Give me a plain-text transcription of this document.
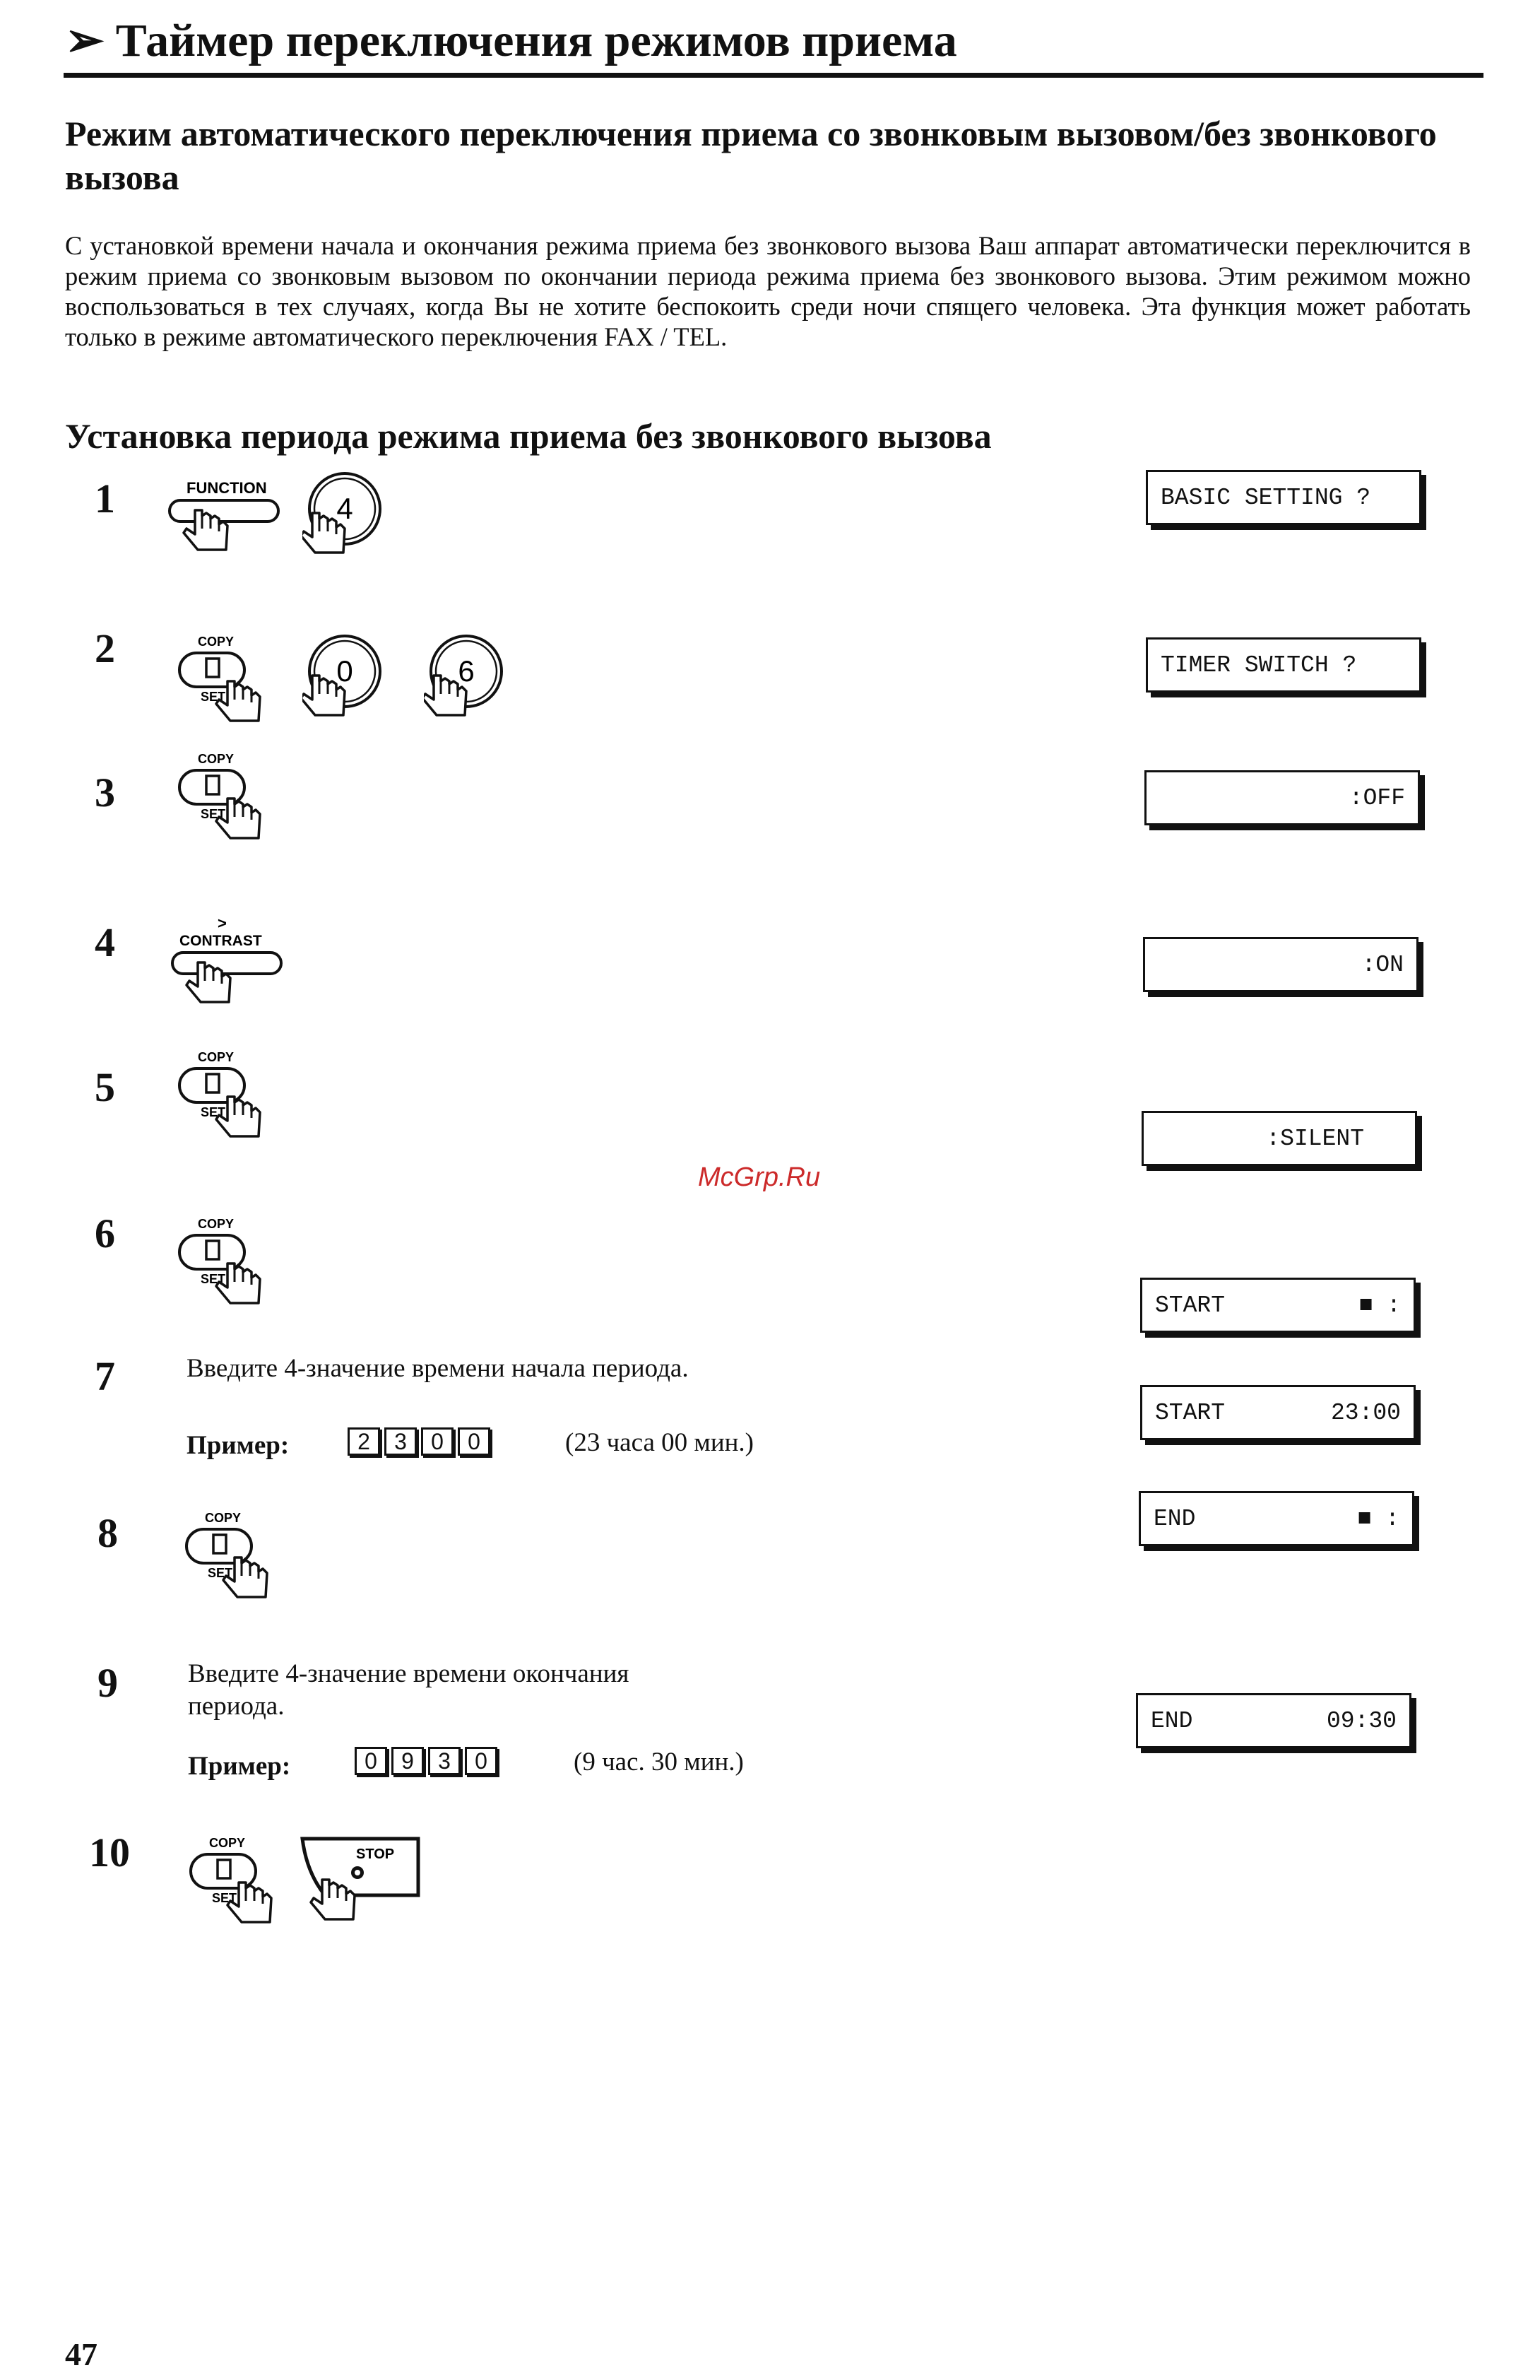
➢ Таймер переключения режимов приема
Режим автоматического переключения приема со звонковым вызовом/без звонкового вызова
С установкой времени начала и окончания режима приема без звонкового вызова Ваш аппарат автоматически переключится в режим приема со звонковым вызовом по окончании периода режима приема без звонкового вызова. Этим режимом можно воспользоваться в тех случаях, когда Вы не хотите беспокоить среди ночи спящего человека. Эта функция может работать только в режиме автоматического переключения FAX / TEL.
Установка периода режима приема без звонкового вызова
1	FUNCTION
4	BASIC SETTING ?
2	COPY
SET
0	6	TIMER SWITCH ?
3
COPY
SET
:OFF
4	>
CONTRAST
:ON
5
COPY
SET
:SILENT
McGrp.Ru
6	COPY
SET
START	■ :
7	Введите 4-значение времени начала периода.
Пример:	2	3	0	0	(23 часа 00 мин.)
START	23:00
8	COPY
SET
END	■ :
9	Введите 4-значение времени окончания периода.
Пример:	0	9	3	0	(9 час. 30 мин.)
END	09:30
10	COPY
SET
STOP
47
